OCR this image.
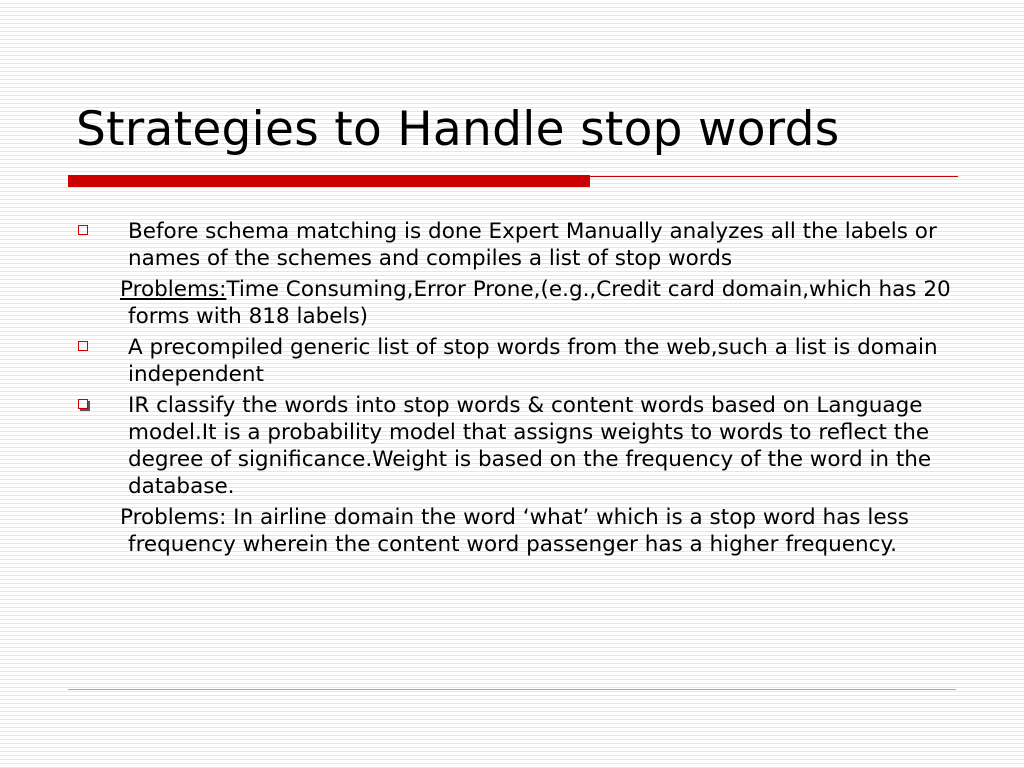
Strategies to Handle stop words
Before schema matching is done Expert Manually analyzes all the labels or names of the schemes and compiles a list of stop words
Problems:Time Consuming,Error Prone,(e.g.,Credit card domain,which has 20 forms with 818 labels)
A precompiled generic list of stop words from the web,such a list is domain independent
IR classify the words into stop words & content words based on Language model.It is a probability model that assigns weights to words to reflect the degree of significance.Weight is based on the frequency of the word in the database.
Problems: In airline domain the word ‘what’ which is a stop word has less frequency wherein the content word passenger has a higher frequency.
